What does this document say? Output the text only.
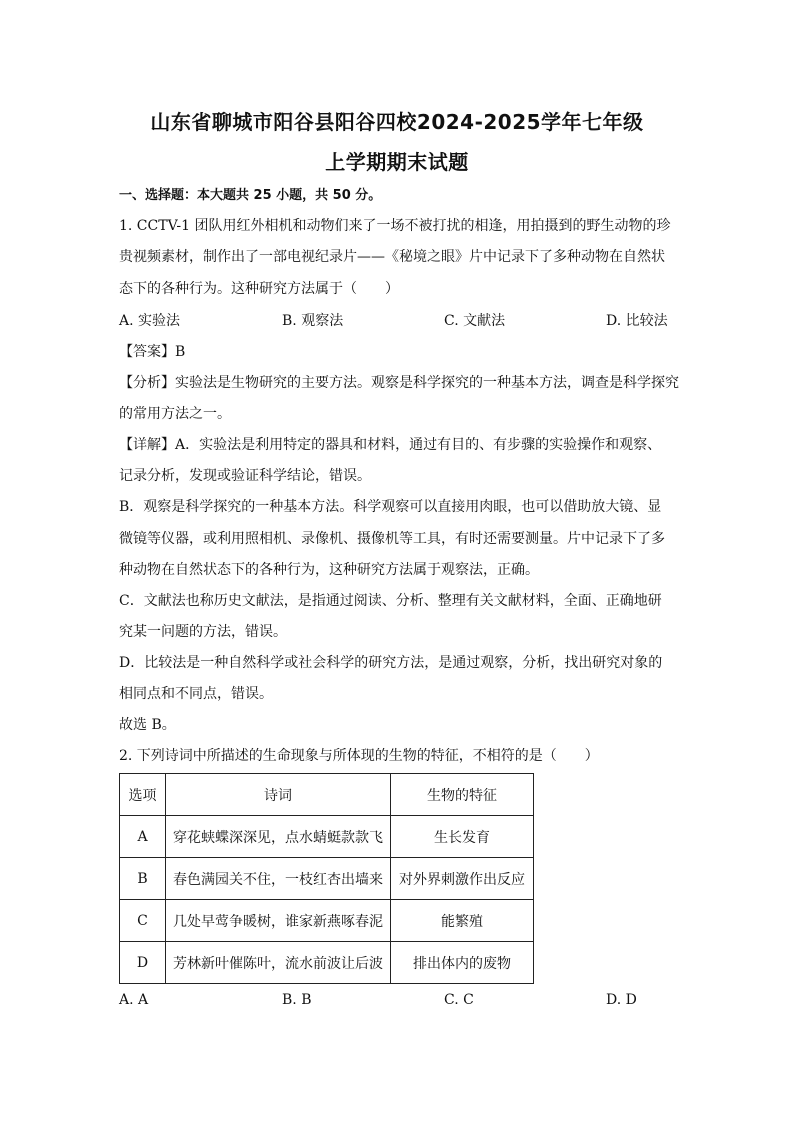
山东省聊城市阳谷县阳谷四校2024-2025学年七年级
上学期期末试题
一、选择题：本大题共 25 小题，共 50 分。
1. CCTV-1 团队用红外相机和动物们来了一场不被打扰的相逢，用拍摄到的野生动物的珍
贵视频素材，制作出了一部电视纪录片——《秘境之眼》片中记录下了多种动物在自然状
态下的各种行为。这种研究方法属于（　　）
A. 实验法	B. 观察法	C. 文献法	D. 比较法
【答案】B
【分析】实验法是生物研究的主要方法。观察是科学探究的一种基本方法，调查是科学探究
的常用方法之一。
【详解】A．实验法是利用特定的器具和材料，通过有目的、有步骤的实验操作和观察、
记录分析，发现或验证科学结论，错误。
B．观察是科学探究的一种基本方法。科学观察可以直接用肉眼，也可以借助放大镜、显
微镜等仪器，或利用照相机、录像机、摄像机等工具，有时还需要测量。片中记录下了多
种动物在自然状态下的各种行为，这种研究方法属于观察法，正确。
C．文献法也称历史文献法，是指通过阅读、分析、整理有关文献材料，全面、正确地研
究某一问题的方法，错误。
D．比较法是一种自然科学或社会科学的研究方法，是通过观察，分析，找出研究对象的
相同点和不同点，错误。
故选 B。
2. 下列诗词中所描述的生命现象与所体现的生物的特征，不相符的是（　　）
选项	诗词	生物的特征
A	穿花蛱蝶深深见，点水蜻蜓款款飞	生长发育
B	春色满园关不住，一枝红杏出墙来	对外界刺激作出反应
C	几处早莺争暖树，谁家新燕啄春泥	能繁殖
D	芳林新叶催陈叶，流水前波让后波	排出体内的废物
A. A	B. B	C. C	D. D
